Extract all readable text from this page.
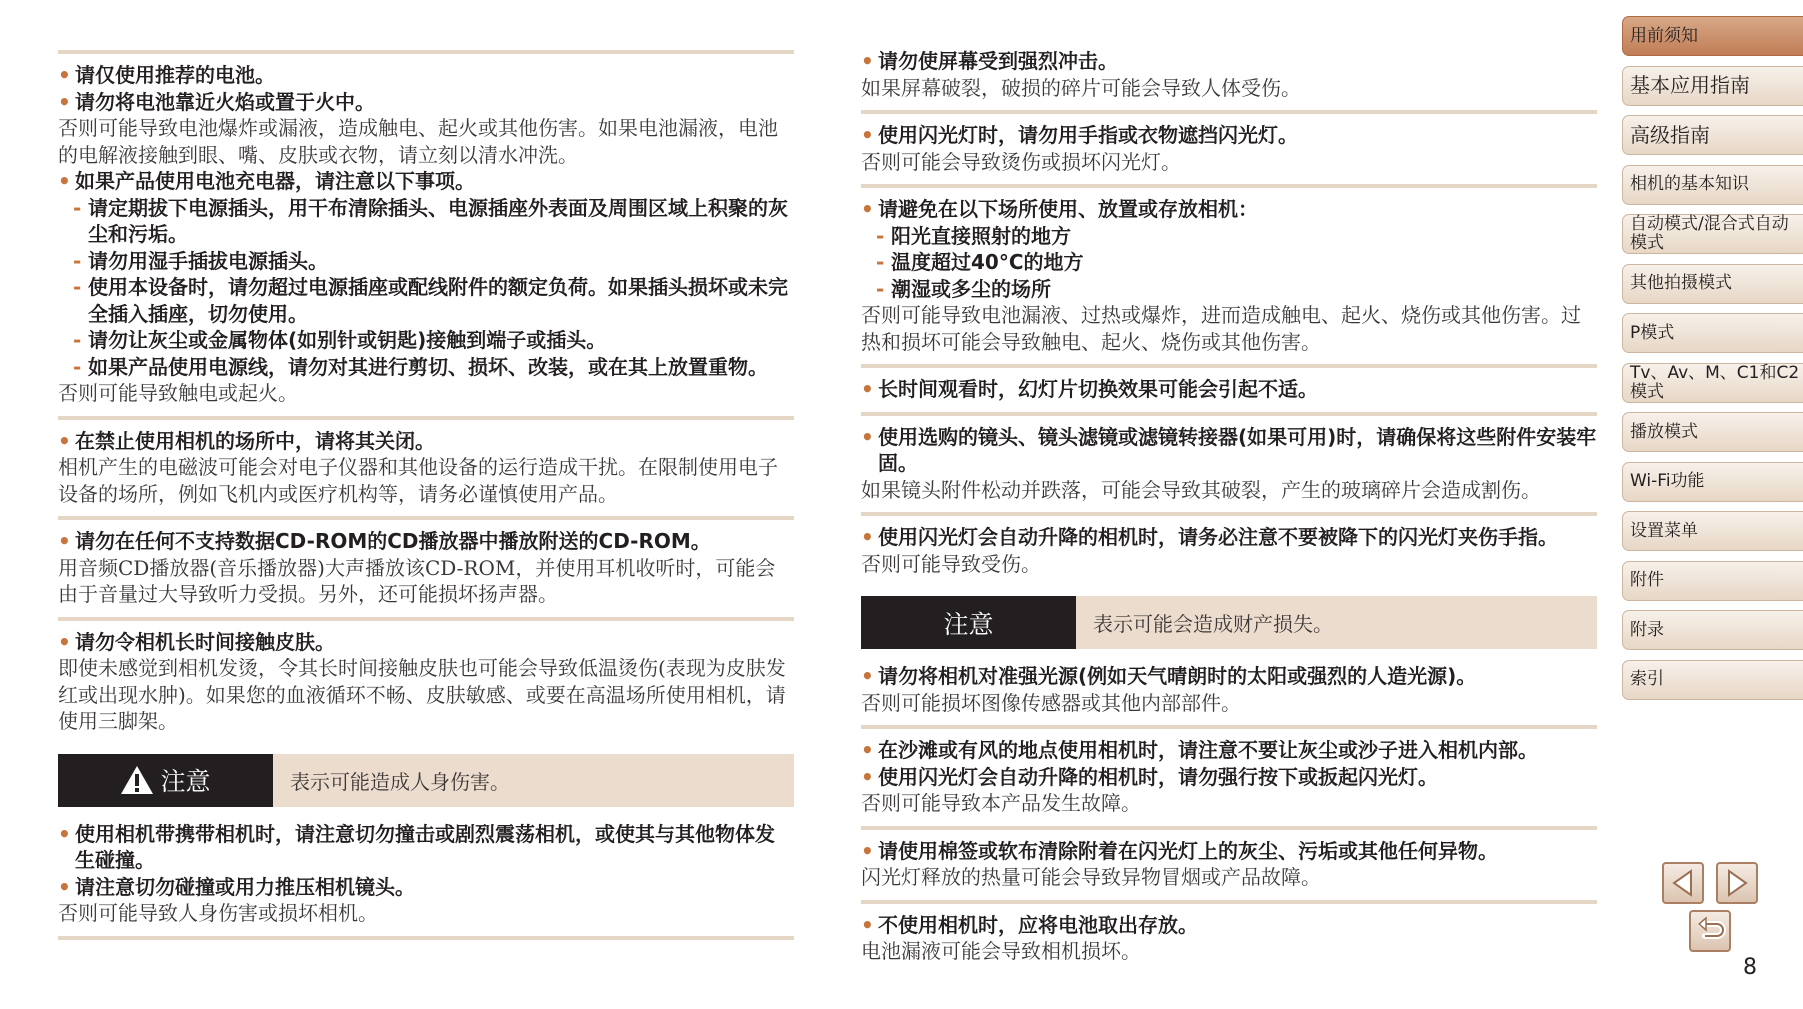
• 请仅使用推荐的电池。
• 请勿将电池靠近火焰或置于火中。
否则可能导致电池爆炸或漏液，造成触电、起火或其他伤害。如果电池漏液，电池的电解液接触到眼、嘴、皮肤或衣物，请立刻以清水冲洗。
• 如果产品使用电池充电器，请注意以下事项。
- 请定期拔下电源插头，用干布清除插头、电源插座外表面及周围区域上积聚的灰尘和污垢。
- 请勿用湿手插拔电源插头。
- 使用本设备时，请勿超过电源插座或配线附件的额定负荷。如果插头损坏或未完全插入插座，切勿使用。
- 请勿让灰尘或金属物体(如别针或钥匙)接触到端子或插头。
- 如果产品使用电源线，请勿对其进行剪切、损坏、改装，或在其上放置重物。
否则可能导致触电或起火。
• 在禁止使用相机的场所中，请将其关闭。
相机产生的电磁波可能会对电子仪器和其他设备的运行造成干扰。在限制使用电子设备的场所，例如飞机内或医疗机构等，请务必谨慎使用产品。
• 请勿在任何不支持数据CD-ROM的CD播放器中播放附送的CD-ROM。
用音频CD播放器(音乐播放器)大声播放该CD-ROM，并使用耳机收听时，可能会由于音量过大导致听力受损。另外，还可能损坏扬声器。
• 请勿令相机长时间接触皮肤。
即使未感觉到相机发烫，令其长时间接触皮肤也可能会导致低温烫伤(表现为皮肤发红或出现水肿)。如果您的血液循环不畅、皮肤敏感、或要在高温场所使用相机，请使用三脚架。
注意	表示可能造成人身伤害。
• 使用相机带携带相机时，请注意切勿撞击或剧烈震荡相机，或使其与其他物体发生碰撞。
• 请注意切勿碰撞或用力推压相机镜头。
否则可能导致人身伤害或损坏相机。
• 请勿使屏幕受到强烈冲击。
如果屏幕破裂，破损的碎片可能会导致人体受伤。
• 使用闪光灯时，请勿用手指或衣物遮挡闪光灯。
否则可能会导致烫伤或损坏闪光灯。
• 请避免在以下场所使用、放置或存放相机：
- 阳光直接照射的地方
- 温度超过40°C的地方
- 潮湿或多尘的场所
否则可能导致电池漏液、过热或爆炸，进而造成触电、起火、烧伤或其他伤害。过热和损坏可能会导致触电、起火、烧伤或其他伤害。
• 长时间观看时，幻灯片切换效果可能会引起不适。
• 使用选购的镜头、镜头滤镜或滤镜转接器(如果可用)时，请确保将这些附件安装牢固。
如果镜头附件松动并跌落，可能会导致其破裂，产生的玻璃碎片会造成割伤。
• 使用闪光灯会自动升降的相机时，请务必注意不要被降下的闪光灯夹伤手指。
否则可能导致受伤。
注意	表示可能会造成财产损失。
• 请勿将相机对准强光源(例如天气晴朗时的太阳或强烈的人造光源)。
否则可能损坏图像传感器或其他内部部件。
• 在沙滩或有风的地点使用相机时，请注意不要让灰尘或沙子进入相机内部。
• 使用闪光灯会自动升降的相机时，请勿强行按下或扳起闪光灯。
否则可能导致本产品发生故障。
• 请使用棉签或软布清除附着在闪光灯上的灰尘、污垢或其他任何异物。
闪光灯释放的热量可能会导致异物冒烟或产品故障。
• 不使用相机时，应将电池取出存放。
电池漏液可能会导致相机损坏。
用前须知
基本应用指南
高级指南
相机的基本知识
自动模式/混合式自动模式
其他拍摄模式
P模式
Tv、Av、M、C1和C2模式
播放模式
Wi-Fi功能
设置菜单
附件
附录
索引
8
